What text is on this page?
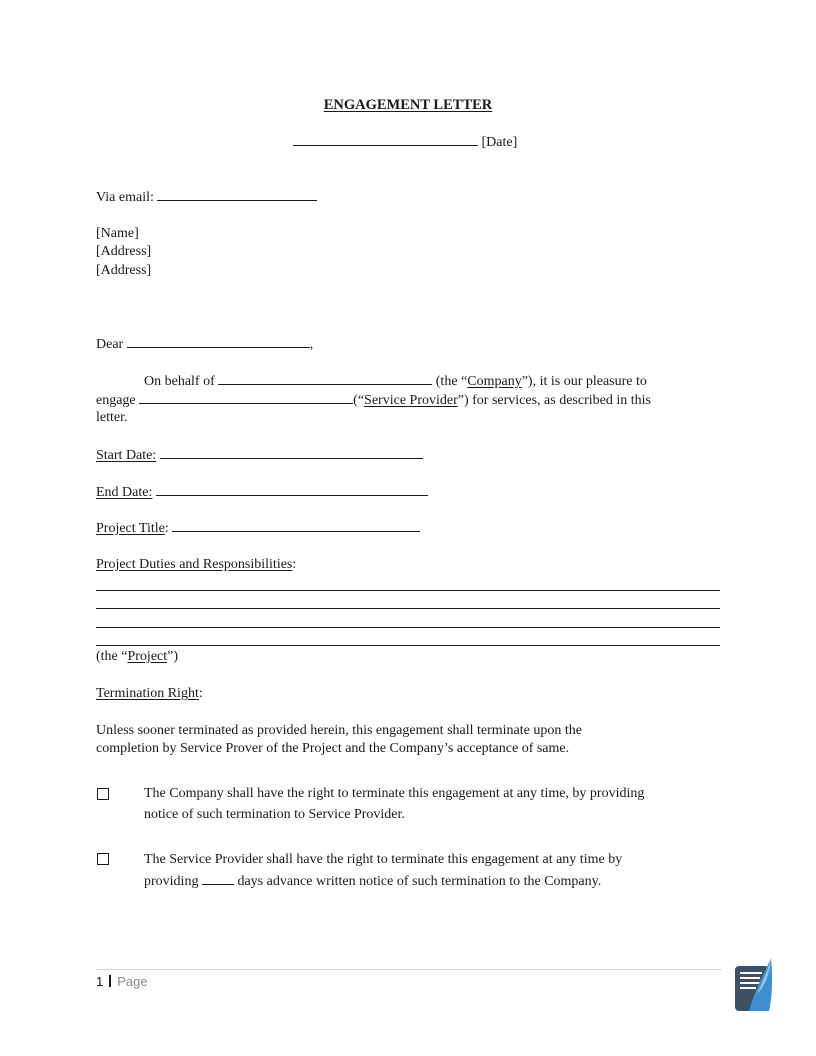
ENGAGEMENT LETTER
[Date]
Via email:
[Name]
[Address]
[Address]
Dear	,
On behalf of	(the “Company”), it is our pleasure to
engage	(“Service Provider”) for services, as described in this
letter.
Start Date:
End Date:
Project Title:
Project Duties and Responsibilities:
(the “Project”)
Termination Right:
Unless sooner terminated as provided herein, this engagement shall terminate upon the
completion by Service Prover of the Project and the Company’s acceptance of same.
The Company shall have the right to terminate this engagement at any time, by providing
notice of such termination to Service Provider.
The Service Provider shall have the right to terminate this engagement at any time by
providing	days advance written notice of such termination to the Company.
1 Page
